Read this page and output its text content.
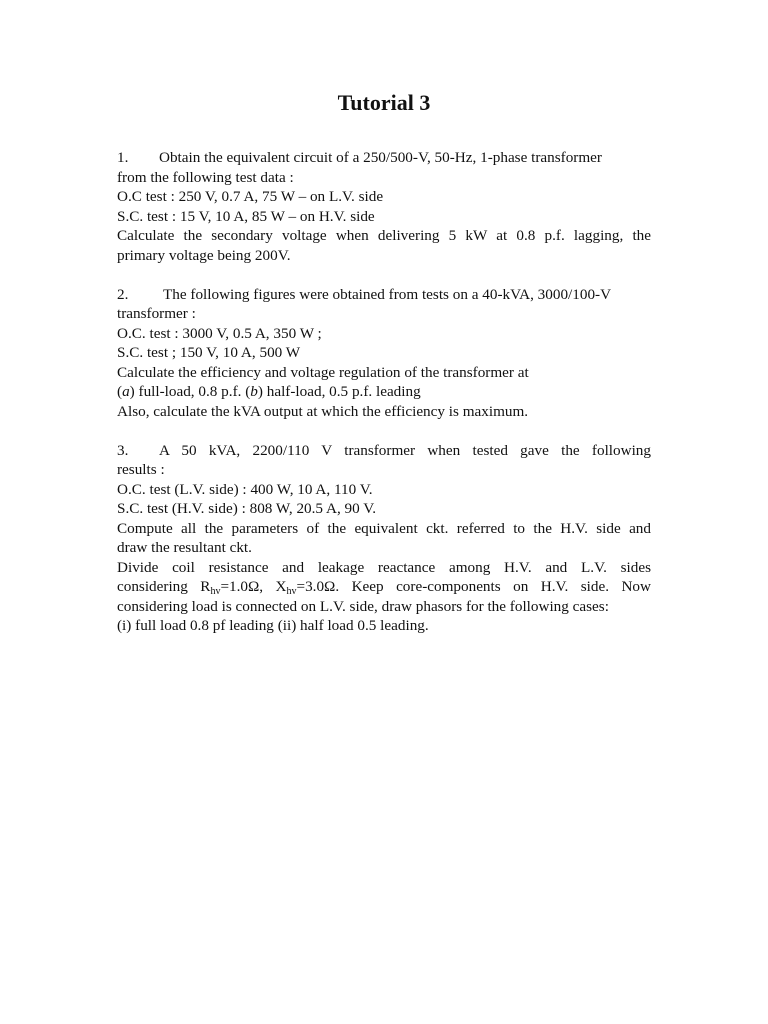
Tutorial 3
1. Obtain the equivalent circuit of a 250/500-V, 50-Hz, 1-phase transformer
from the following test data :
O.C test : 250 V, 0.7 A, 75 W – on L.V. side
S.C. test : 15 V, 10 A, 85 W – on H.V. side
Calculate the secondary voltage when delivering 5 kW at 0.8 p.f. lagging, the
primary voltage being 200V.
2. The following figures were obtained from tests on a 40-kVA, 3000/100-V
transformer :
O.C. test : 3000 V, 0.5 A, 350 W ;
S.C. test ; 150 V, 10 A, 500 W
Calculate the efficiency and voltage regulation of the transformer at
(a) full-load, 0.8 p.f. (b) half-load, 0.5 p.f. leading
Also, calculate the kVA output at which the efficiency is maximum.
3. A 50 kVA, 2200/110 V transformer when tested gave the following
results :
O.C. test (L.V. side) : 400 W, 10 A, 110 V.
S.C. test (H.V. side) : 808 W, 20.5 A, 90 V.
Compute all the parameters of the equivalent ckt. referred to the H.V. side and
draw the resultant ckt.
Divide coil resistance and leakage reactance among H.V. and L.V. sides
considering $R_{hv}=1.0\Omega$, $X_{hv}=3.0\Omega$. Keep core-components on H.V. side. Now
considering load is connected on L.V. side, draw phasors for the following cases:
(i) full load 0.8 pf leading (ii) half load 0.5 leading.
